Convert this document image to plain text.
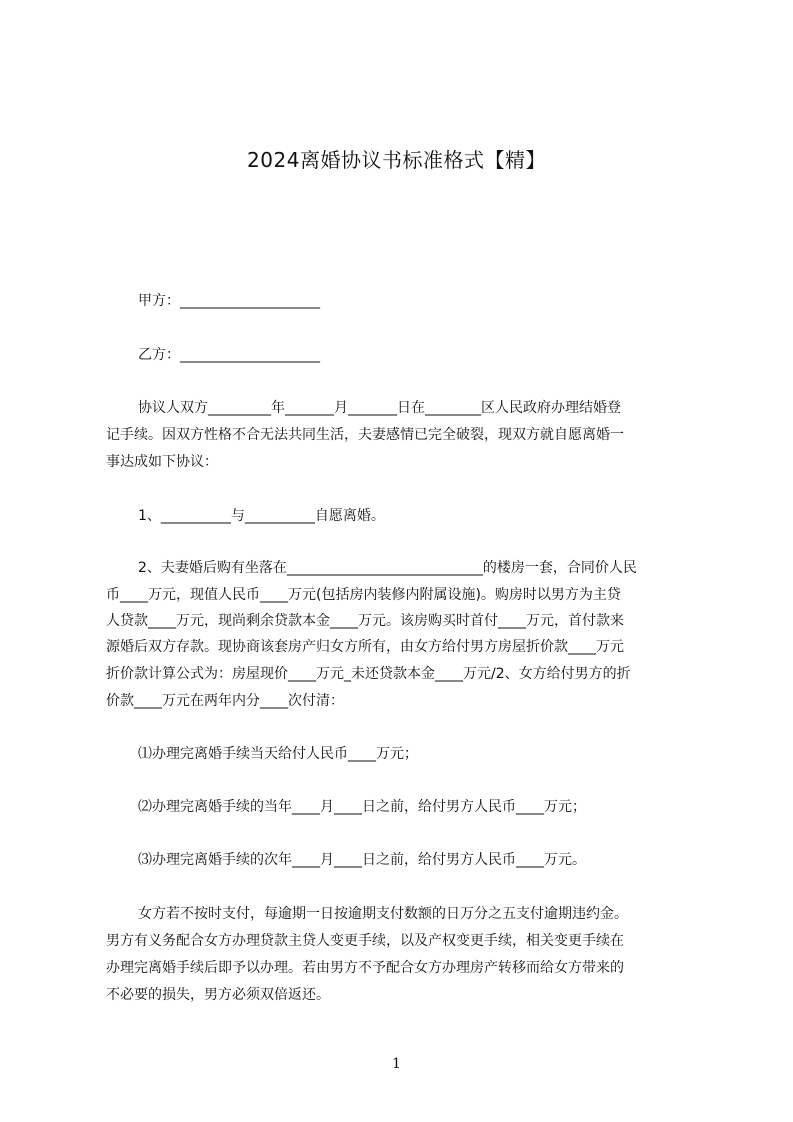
2024离婚协议书标准格式【精】
甲方：____________________
乙方：____________________
协议人双方_________年_______月_______日在________区人民政府办理结婚登
记手续。因双方性格不合无法共同生活，夫妻感情已完全破裂，现双方就自愿离婚一
事达成如下协议：
1、__________与__________自愿离婚。
2、夫妻婚后购有坐落在____________________________的楼房一套，合同价人民
币____万元，现值人民币____万元(包括房内装修内附属设施)。购房时以男方为主贷
人贷款____万元，现尚剩余贷款本金____万元。该房购买时首付____万元，首付款来
源婚后双方存款。现协商该套房产归女方所有，由女方给付男方房屋折价款____万元
折价款计算公式为：房屋现价____万元_未还贷款本金____万元/2、女方给付男方的折
价款____万元在两年内分____次付清：
⑴办理完离婚手续当天给付人民币____万元；
⑵办理完离婚手续的当年____月____日之前，给付男方人民币____万元；
⑶办理完离婚手续的次年____月____日之前，给付男方人民币____万元。
女方若不按时支付，每逾期一日按逾期支付数额的日万分之五支付逾期违约金。
男方有义务配合女方办理贷款主贷人变更手续，以及产权变更手续，相关变更手续在
办理完离婚手续后即予以办理。若由男方不予配合女方办理房产转移而给女方带来的
不必要的损失，男方必须双倍返还。
1
